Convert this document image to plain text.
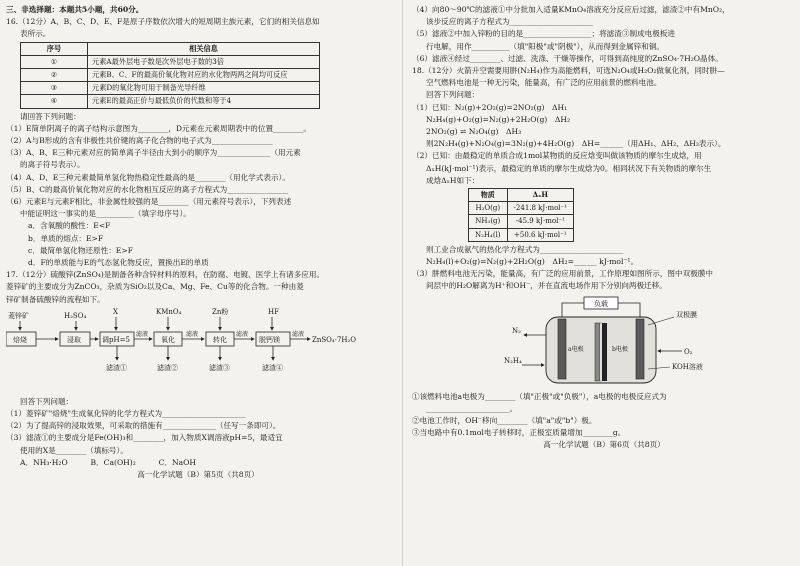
三、非选择题：本题共5小题，共60分。
16.（12分）A、B、C、D、E、F是原子序数依次增大的短周期主族元素，它们的相关信息如
表所示。
序号	相关信息
①	元素A最外层电子数是次外层电子数的3倍
②	元素B、C、F的最高价氧化物对应的水化物两两之间均可反应
③	元素D的氧化物可用于制备光导纤维
④	元素E的最高正价与最低负价的代数和等于4
请回答下列问题：
（1）E简单阴离子的离子结构示意图为________，D元素在元素周期表中的位置________。
（2）A与B形成的含有非极性共价键的离子化合物的电子式为________________
（3）A、B、E三种元素对应的简单离子半径由大到小的顺序为______________（用元素
的离子符号表示）。
（4）A、D、E三种元素最简单氢化物热稳定性最高的是________（用化学式表示）。
（5）B、C的最高价氧化物对应的水化物相互反应的离子方程式为________________
（6）元素E与元素F相比，非金属性较强的是________（用元素符号表示），下列表述
中能证明这一事实的是__________（填字母序号）。
a．含氧酸的酸性：E<F
b．单质的熔点：E>F
c．最简单氢化物还原性：E>F
d．F的单质能与E的气态氢化物反应，置换出E的单质
17.（12分）硫酸锌(ZnSO₄)是制备各种含锌材料的原料，在防腐、电镀、医学上有诸多应用。
菱锌矿的主要成分为ZnCO₃，杂质为SiO₂以及Ca、Mg、Fe、Cu等的化合物。一种由菱
锌矿制备硫酸锌的流程如下。
菱锌矿	H₂SO₄	X	KMnO₄	Zn粉	HF
焙烧	浸取	调pH=5
滤液
氧化
滤液
转化
滤液
脱钙镁
滤液
ZnSO₄·7H₂O
滤渣①	滤渣②	滤渣③	滤渣④
回答下列问题：
（1）菱锌矿"焙烧"生成氧化锌的化学方程式为______________________
（2）为了提高锌的浸取效果，可采取的措施有______________（任写一条即可）。
（3）滤渣①的主要成分是Fe(OH)₃和________，加入物质X调溶液pH=5，最适宜
使用的X是________（填标号）。
A．NH₃·H₂O　　　B．Ca(OH)₂　　　C．NaOH
高一化学试题（B）第5页（共8页）
（4）向80～90℃的滤液①中分批加入适量KMnO₄溶液充分反应后过滤，滤渣②中有MnO₂，
该步反应的离子方程式为______________________
（5）滤液②中加入锌粉的目的是__________________；将滤渣③制成电极板进
行电解，用作__________（填"阳极"或"阴极"），从而得到金属锌和铜。
（6）滤液④经过________、过滤、洗涤、干燥等操作，可得到高纯度的ZnSO₄·7H₂O晶体。
18.（12分）火箭升空需要用肼(N₂H₄)作为高能燃料，可选N₂O₄或H₂O₂做氧化剂，同时肼—
空气燃料电池是一种无污染，能量高，有广泛的应用前景的燃料电池。
回答下列问题：
（1）已知：N₂(g)+2O₂(g)=2NO₂(g)　ΔH₁
N₂H₄(g)+O₂(g)=N₂(g)+2H₂O(g)　ΔH₂
2NO₂(g) ⇌ N₂O₄(g)　ΔH₃
则2N₂H₄(g)+N₂O₄(g)=3N₂(g)+4H₂O(g)　ΔH=______（用ΔH₁、ΔH₂、ΔH₃表示）。
（2）已知：由最稳定的单质合成1mol某物质的反应焓变叫做该物质的摩尔生成焓，用
ΔₓH(kJ·mol⁻¹)表示，最稳定的单质的摩尔生成焓为0。相同状况下有关物质的摩尔生
成焓ΔₓH如下：
物质	ΔₓH
H₂O(g)	-241.8 kJ·mol⁻¹
NH₃(g)	-45.9 kJ·mol⁻¹
N₂H₄(l)	+50.6 kJ·mol⁻¹
则工业合成氨气的热化学方程式为______________________
N₂H₄(l)+O₂(g)=N₂(g)+2H₂O(g)　ΔH₂=______ kJ·mol⁻¹。
（3）肼燃料电池无污染，能量高，有广泛的应用前景，工作原理如图所示，图中双极膜中
间层中的H₂O解离为H⁺和OH⁻，并在直流电场作用下分别向两极迁移。
负载
a电极	b电极
双极膜
N₂
N₂H₄
O₂
KOH溶液
①该燃料电池a电极为________（填"正极"或"负极"），a电极的电极反应式为
______________________。
②电池工作时，OH⁻移向________（填"a"或"b"）极。
③当电路中有0.1mol电子转移时，正极室质量增加________g。
高一化学试题（B）第6页（共8页）
